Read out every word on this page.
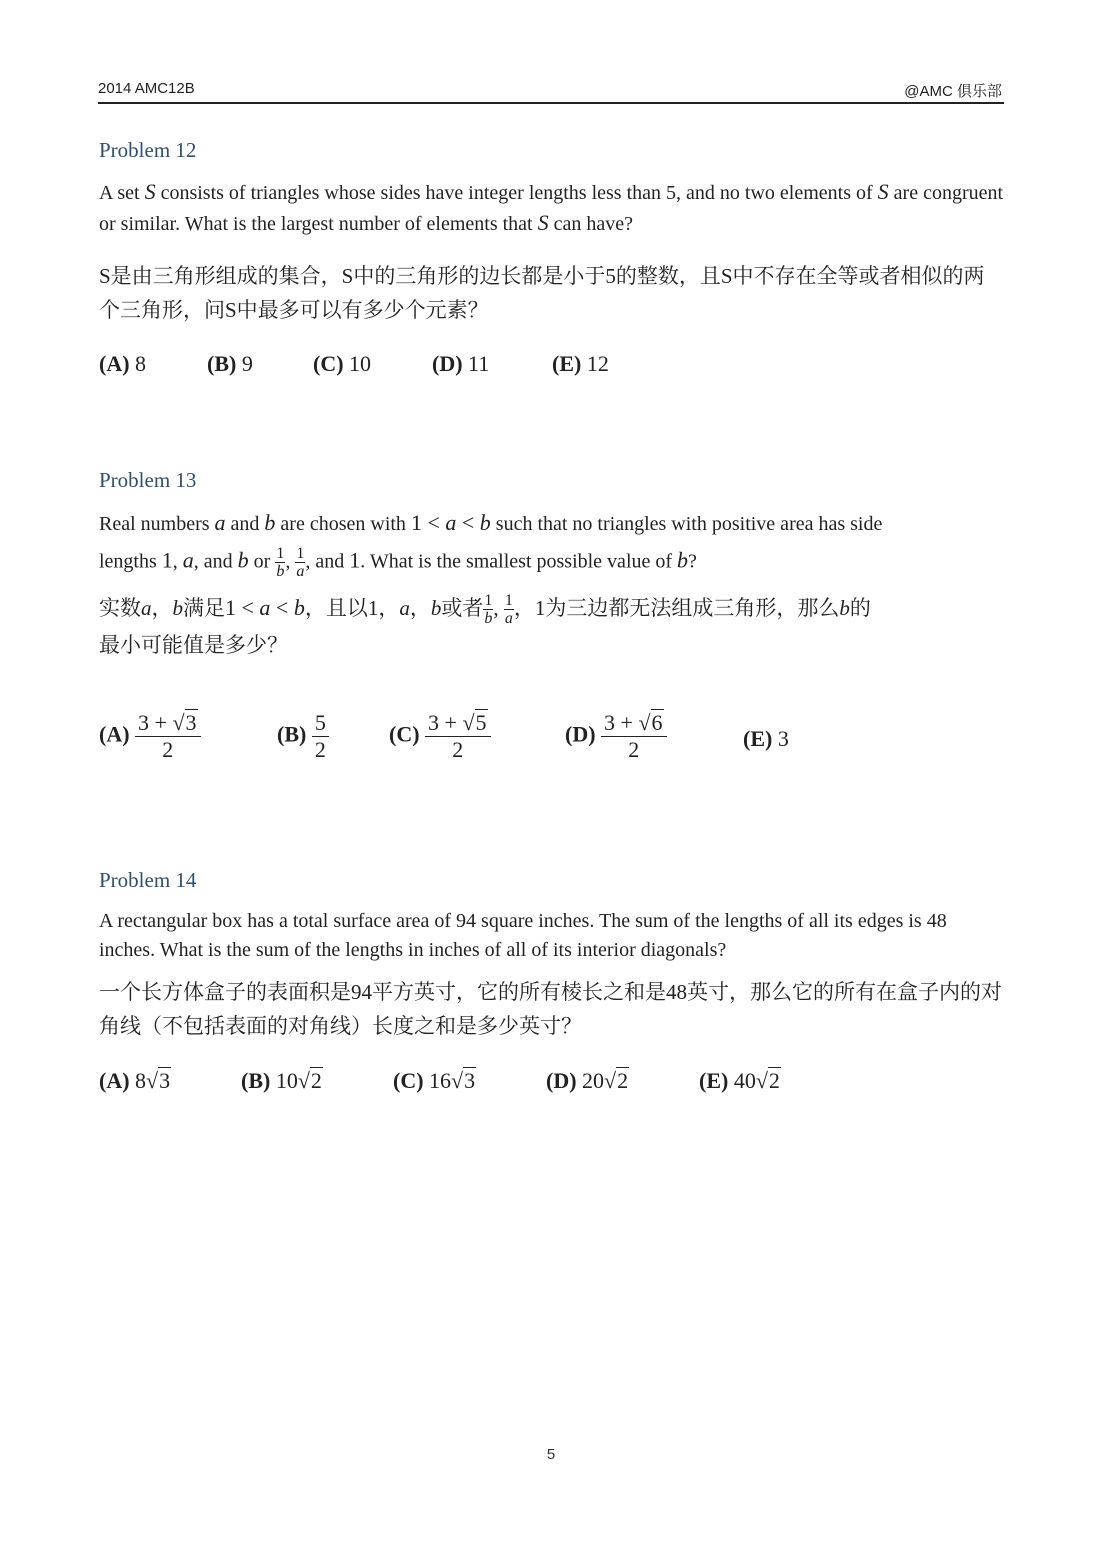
2014 AMC12B	@AMC 俱乐部

Problem 12

A set S consists of triangles whose sides have integer lengths less than 5, and no two elements of S are congruent or similar. What is the largest number of elements that S can have?

S是由三角形组成的集合，S中的三角形的边长都是小于5的整数，且S中不存在全等或者相似的两个三角形，问S中最多可以有多少个元素？

(A) 8	(B) 9	(C) 10	(D) 11	(E) 12

Problem 13

Real numbers a and b are chosen with 1 < a < b such that no triangles with positive area has side

lengths 1, a, and b or $\frac{1}{b}$ , $\frac{1}{a}$ , and 1. What is the smallest possible value of b?

实数a，b满足1 < a < b，且以1，a，b或者 $\frac{1}{b}$ , $\frac{1}{a}$ ，1为三边都无法组成三角形，那么b的
最小可能值是多少？

$(A) \frac{3 + √3}{2}$	$(B) \frac{5}{2}$	$(C) \frac{3 + √5}{2}$	$(D) \frac{3 + √6}{2}$	(E) 3

Problem 14

A rectangular box has a total surface area of 94 square inches. The sum of the lengths of all its edges is 48 inches. What is the sum of the lengths in inches of all of its interior diagonals?

一个长方体盒子的表面积是94平方英寸，它的所有棱长之和是48英寸，那么它的所有在盒子内的对角线（不包括表面的对角线）长度之和是多少英寸？

(A) 8√3	(B) 10√2	(C) 16√3	(D) 20√2	(E) 40√2
5
